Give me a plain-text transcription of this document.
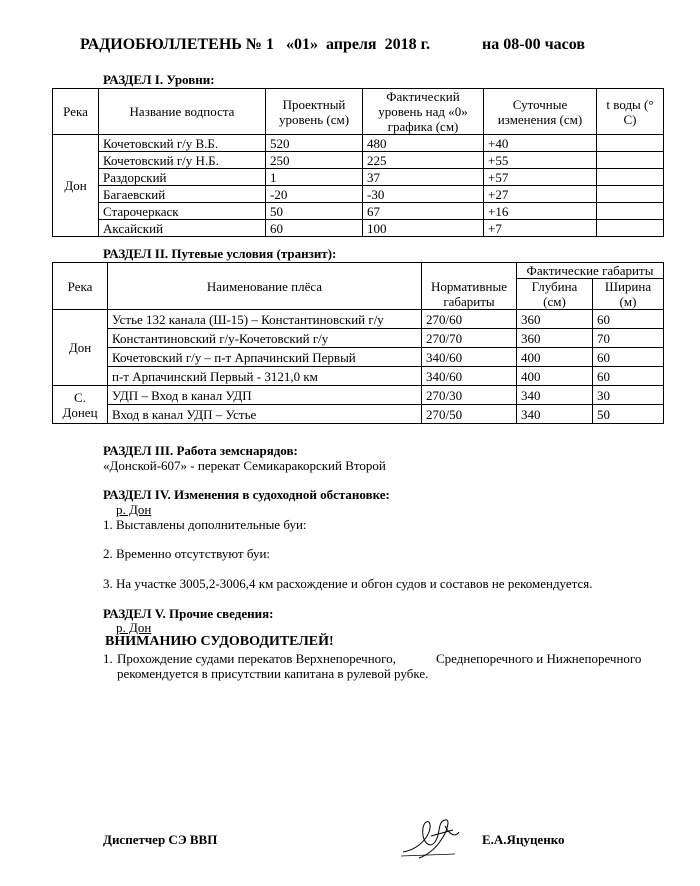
РАДИОБЮЛЛЕТЕНЬ № 1   «01»  апреля  2018 г.	на 08-00 часов
РАЗДЕЛ I. Уровни:
Река	Название водпоста	Проектный уровень (см)	Фактический уровень над «0» графика (см)	Суточные изменения (см)	t воды (° С)
Дон	Кочетовский г/у В.Б.	520	480	+40	
	Кочетовский г/у Н.Б.	250	225	+55	
	Раздорский	1	37	+57	
	Багаевский	-20	-30	+27	
	Старочеркаск	50	67	+16	
	Аксайский	60	100	+7	
РАЗДЕЛ II. Путевые условия (транзит):
Река	Наименование плёса	Нормативные габариты	Фактические габариты	
			Глубина (см)	Ширина (м)
Дон	Устье 132 канала (Ш-15) – Константиновский г/у	270/60	360	60
	Константиновский г/у-Кочетовский г/у	270/70	360	70
	Кочетовский г/у – п-т Арпачинский Первый	340/60	400	60
	п-т Арпачинский Первый - 3121,0 км	340/60	400	60
С. Донец	УДП – Вход в канал УДП	270/30	340	30
	Вход в канал УДП – Устье	270/50	340	50
РАЗДЕЛ III. Работа земснарядов:
«Донской-607» - перекат Семикаракорский Второй
РАЗДЕЛ IV. Изменения в судоходной обстановке:
р. Дон
1. Выставлены дополнительные буи:
2. Временно отсутствуют буи:
3. На участке 3005,2-3006,4 км расхождение и обгон судов и составов не рекомендуется.
РАЗДЕЛ V. Прочие сведения:
р. Дон
ВНИМАНИЮ СУДОВОДИТЕЛЕЙ!
1. Прохождение судами перекатов Верхнепоречного,	Среднепоречного и Нижнепоречного
рекомендуется в присутствии капитана в рулевой рубке.
Диспетчер СЭ ВВП	Е.А.Яцуценко
